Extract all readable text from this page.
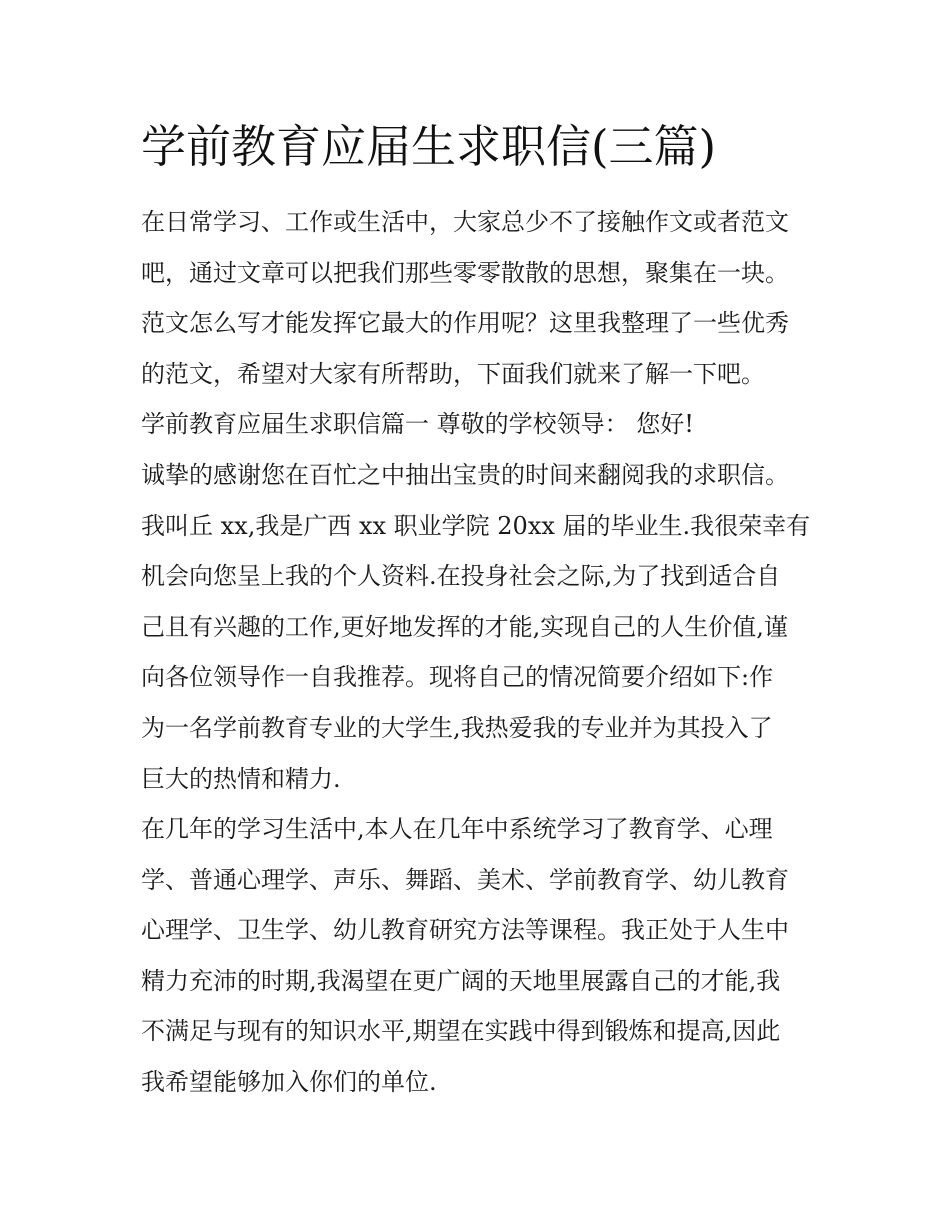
学前教育应届生求职信(三篇)

在日常学习、工作或生活中，大家总少不了接触作文或者范文

吧，通过文章可以把我们那些零零散散的思想，聚集在一块。

范文怎么写才能发挥它最大的作用呢？这里我整理了一些优秀

的范文，希望对大家有所帮助，下面我们就来了解一下吧。

学前教育应届生求职信篇一 尊敬的学校领导： 您好!

诚挚的感谢您在百忙之中抽出宝贵的时间来翻阅我的求职信。

我叫丘 xx,我是广西 xx 职业学院 20xx 届的毕业生.我很荣幸有

机会向您呈上我的个人资料.在投身社会之际,为了找到适合自

己且有兴趣的工作,更好地发挥的才能,实现自己的人生价值,谨

向各位领导作一自我推荐。现将自己的情况简要介绍如下:作

为一名学前教育专业的大学生,我热爱我的专业并为其投入了

巨大的热情和精力.

在几年的学习生活中,本人在几年中系统学习了教育学、心理

学、普通心理学、声乐、舞蹈、美术、学前教育学、幼儿教育

心理学、卫生学、幼儿教育研究方法等课程。我正处于人生中

精力充沛的时期,我渴望在更广阔的天地里展露自己的才能,我

不满足与现有的知识水平,期望在实践中得到锻炼和提高,因此

我希望能够加入你们的单位.
